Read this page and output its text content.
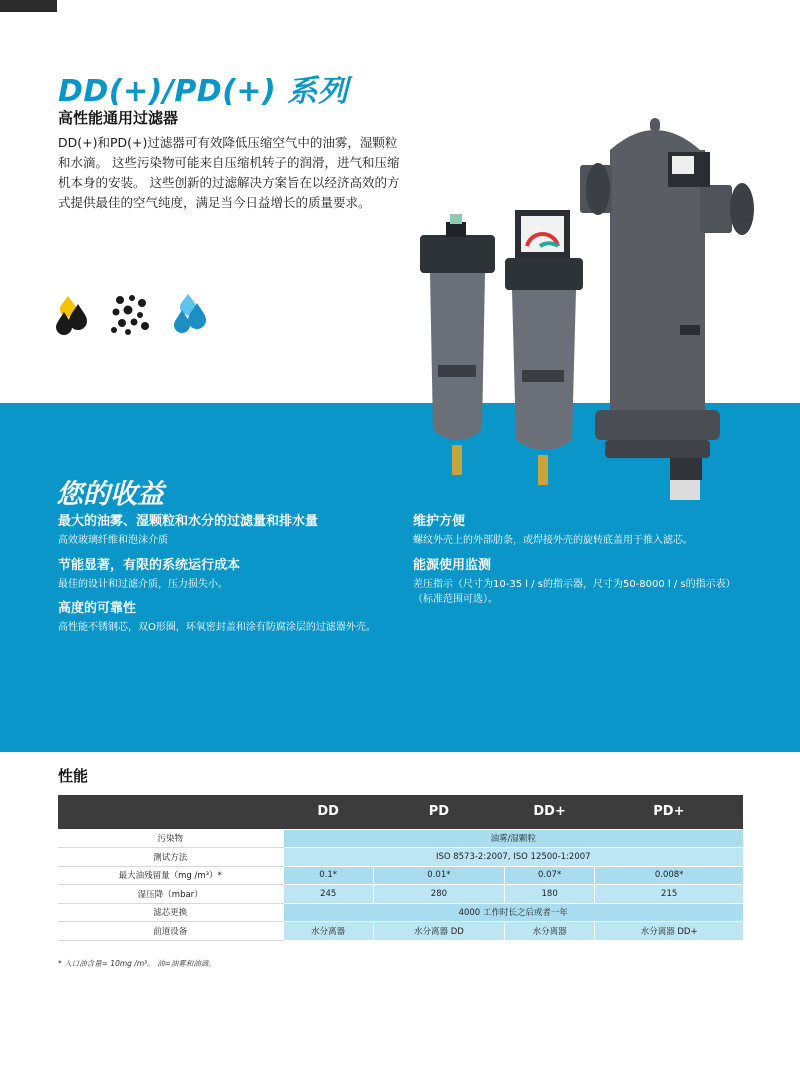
DD(+)/PD(+) 系列
高性能通用过滤器

DD(+)和PD(+)过滤器可有效降低压缩空气中的油雾，湿颗粒和水滴。 这些污染物可能来自压缩机转子的润滑，进气和压缩机本身的安装。 这些创新的过滤解决方案旨在以经济高效的方式提供最佳的空气纯度，满足当今日益增长的质量要求。

您的收益
最大的油雾、湿颗粒和水分的过滤量和排水量

高效玻璃纤维和泡沫介质

节能显著，有限的系统运行成本

最佳的设计和过滤介质，压力损失小。

高度的可靠性

高性能不锈钢芯，双O形圈，环氧密封盖和涂有防腐涂层的过滤器外壳。

维护方便

螺纹外壳上的外部肋条，或焊接外壳的旋转底盖用于推入滤芯。

能源使用监测

差压指示（尺寸为10-35 l / s的指示器，尺寸为50-8000 l / s的指示表）（标准范围可选）。

性能
	DD	PD	DD+	PD+
污染物	油雾/湿颗粒			
测试方法	ISO 8573-2:2007, ISO 12500-1:2007			
最大油残留量（mg /m³）*	0.1*	0.01*	0.07*	0.008*
湿压降（mbar）	245	280	180	215
滤芯更换	4000 工作时长之后或者一年			
前道设备	水分离器	水分离器 DD	水分离器	水分离器 DD+

* 入口油含量= 10mg /m³。 油=油雾和油滴。
